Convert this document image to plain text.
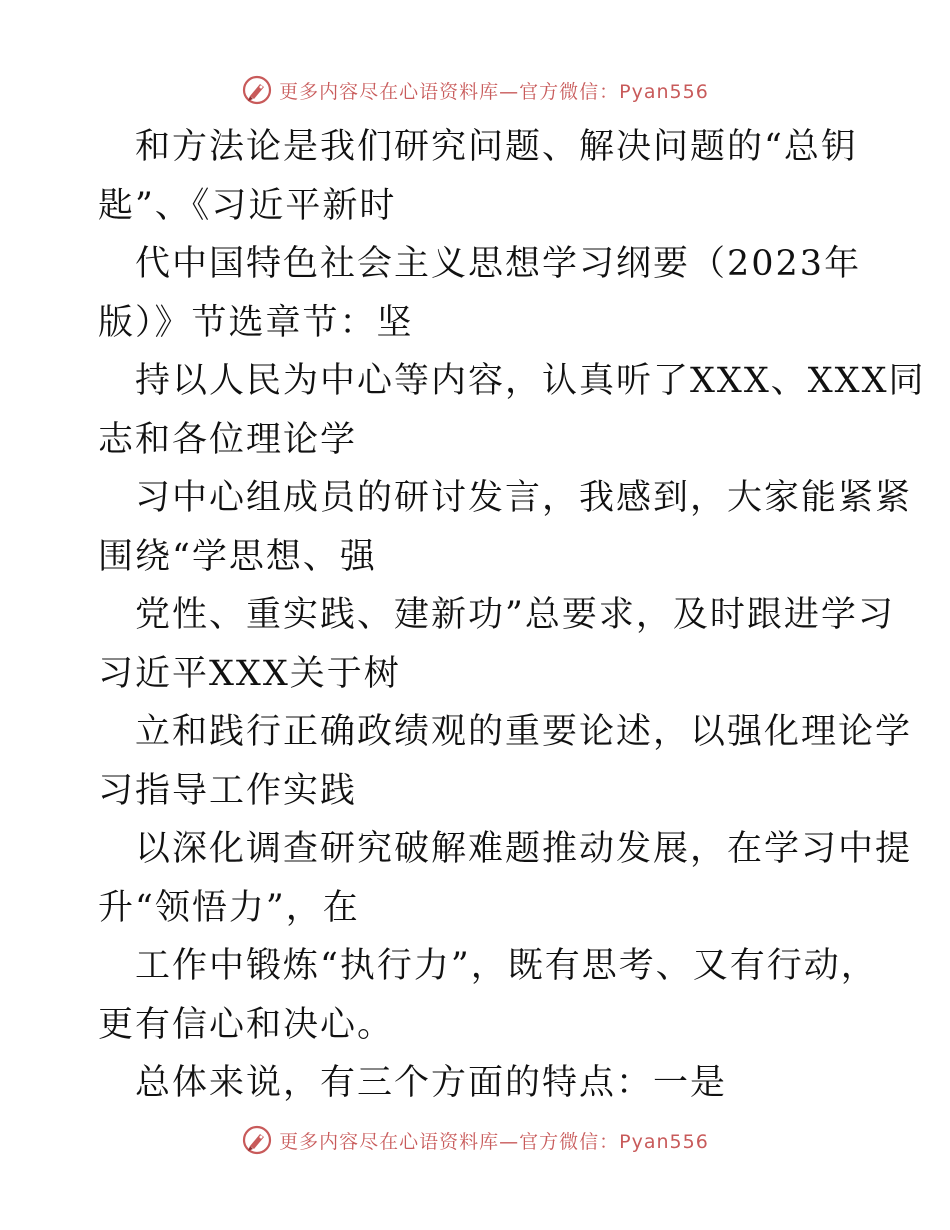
更多内容尽在心语资料库—官方微信：Pyan556
和方法论是我们研究问题、解决问题的“总钥
匙”、《习近平新时
代中国特色社会主义思想学习纲要（2023年
版）》节选章节：坚
持以人民为中心等内容，认真听了XXX、XXX同
志和各位理论学
习中心组成员的研讨发言，我感到，大家能紧紧
围绕“学思想、强
党性、重实践、建新功”总要求，及时跟进学习
习近平XXX关于树
立和践行正确政绩观的重要论述，以强化理论学
习指导工作实践
以深化调查研究破解难题推动发展，在学习中提
升“领悟力”，在
工作中锻炼“执行力”，既有思考、又有行动，
更有信心和决心。
总体来说，有三个方面的特点：一是
更多内容尽在心语资料库—官方微信：Pyan556
